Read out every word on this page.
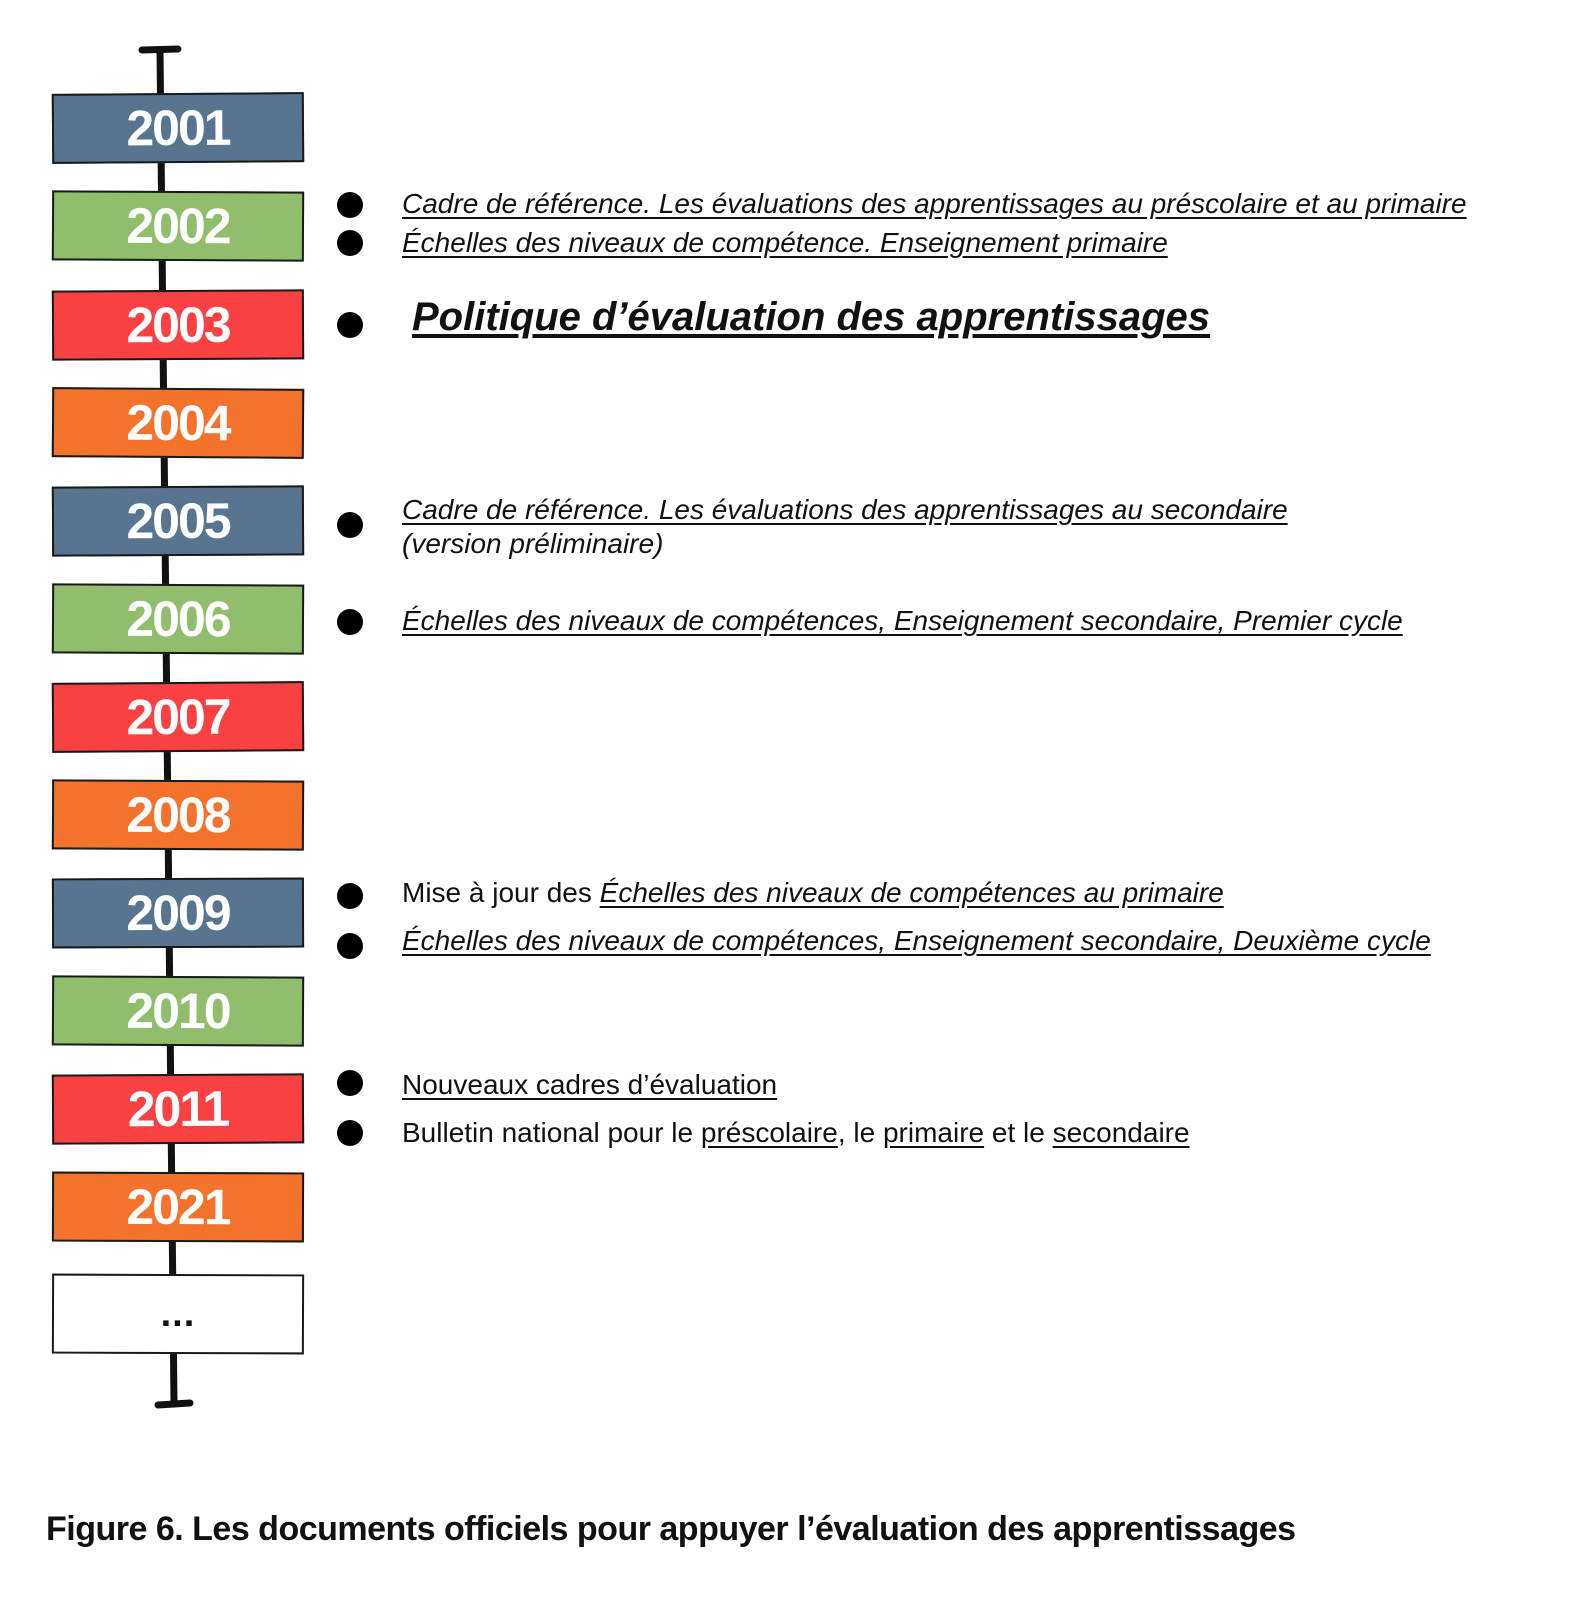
2001
2002
2003
2004
2005
2006
2007
2008
2009
2010
2011
2021
...
Cadre de référence. Les évaluations des apprentissages au préscolaire et au primaire
Échelles des niveaux de compétence. Enseignement primaire
Politique d’évaluation des apprentissages
Cadre de référence. Les évaluations des apprentissages au secondaire
(version préliminaire)
Échelles des niveaux de compétences, Enseignement secondaire, Premier cycle
Mise à jour des Échelles des niveaux de compétences au primaire
Échelles des niveaux de compétences, Enseignement secondaire, Deuxième cycle
Nouveaux cadres d’évaluation
Bulletin national pour le préscolaire, le primaire et le secondaire
Figure 6. Les documents officiels pour appuyer l’évaluation des apprentissages
